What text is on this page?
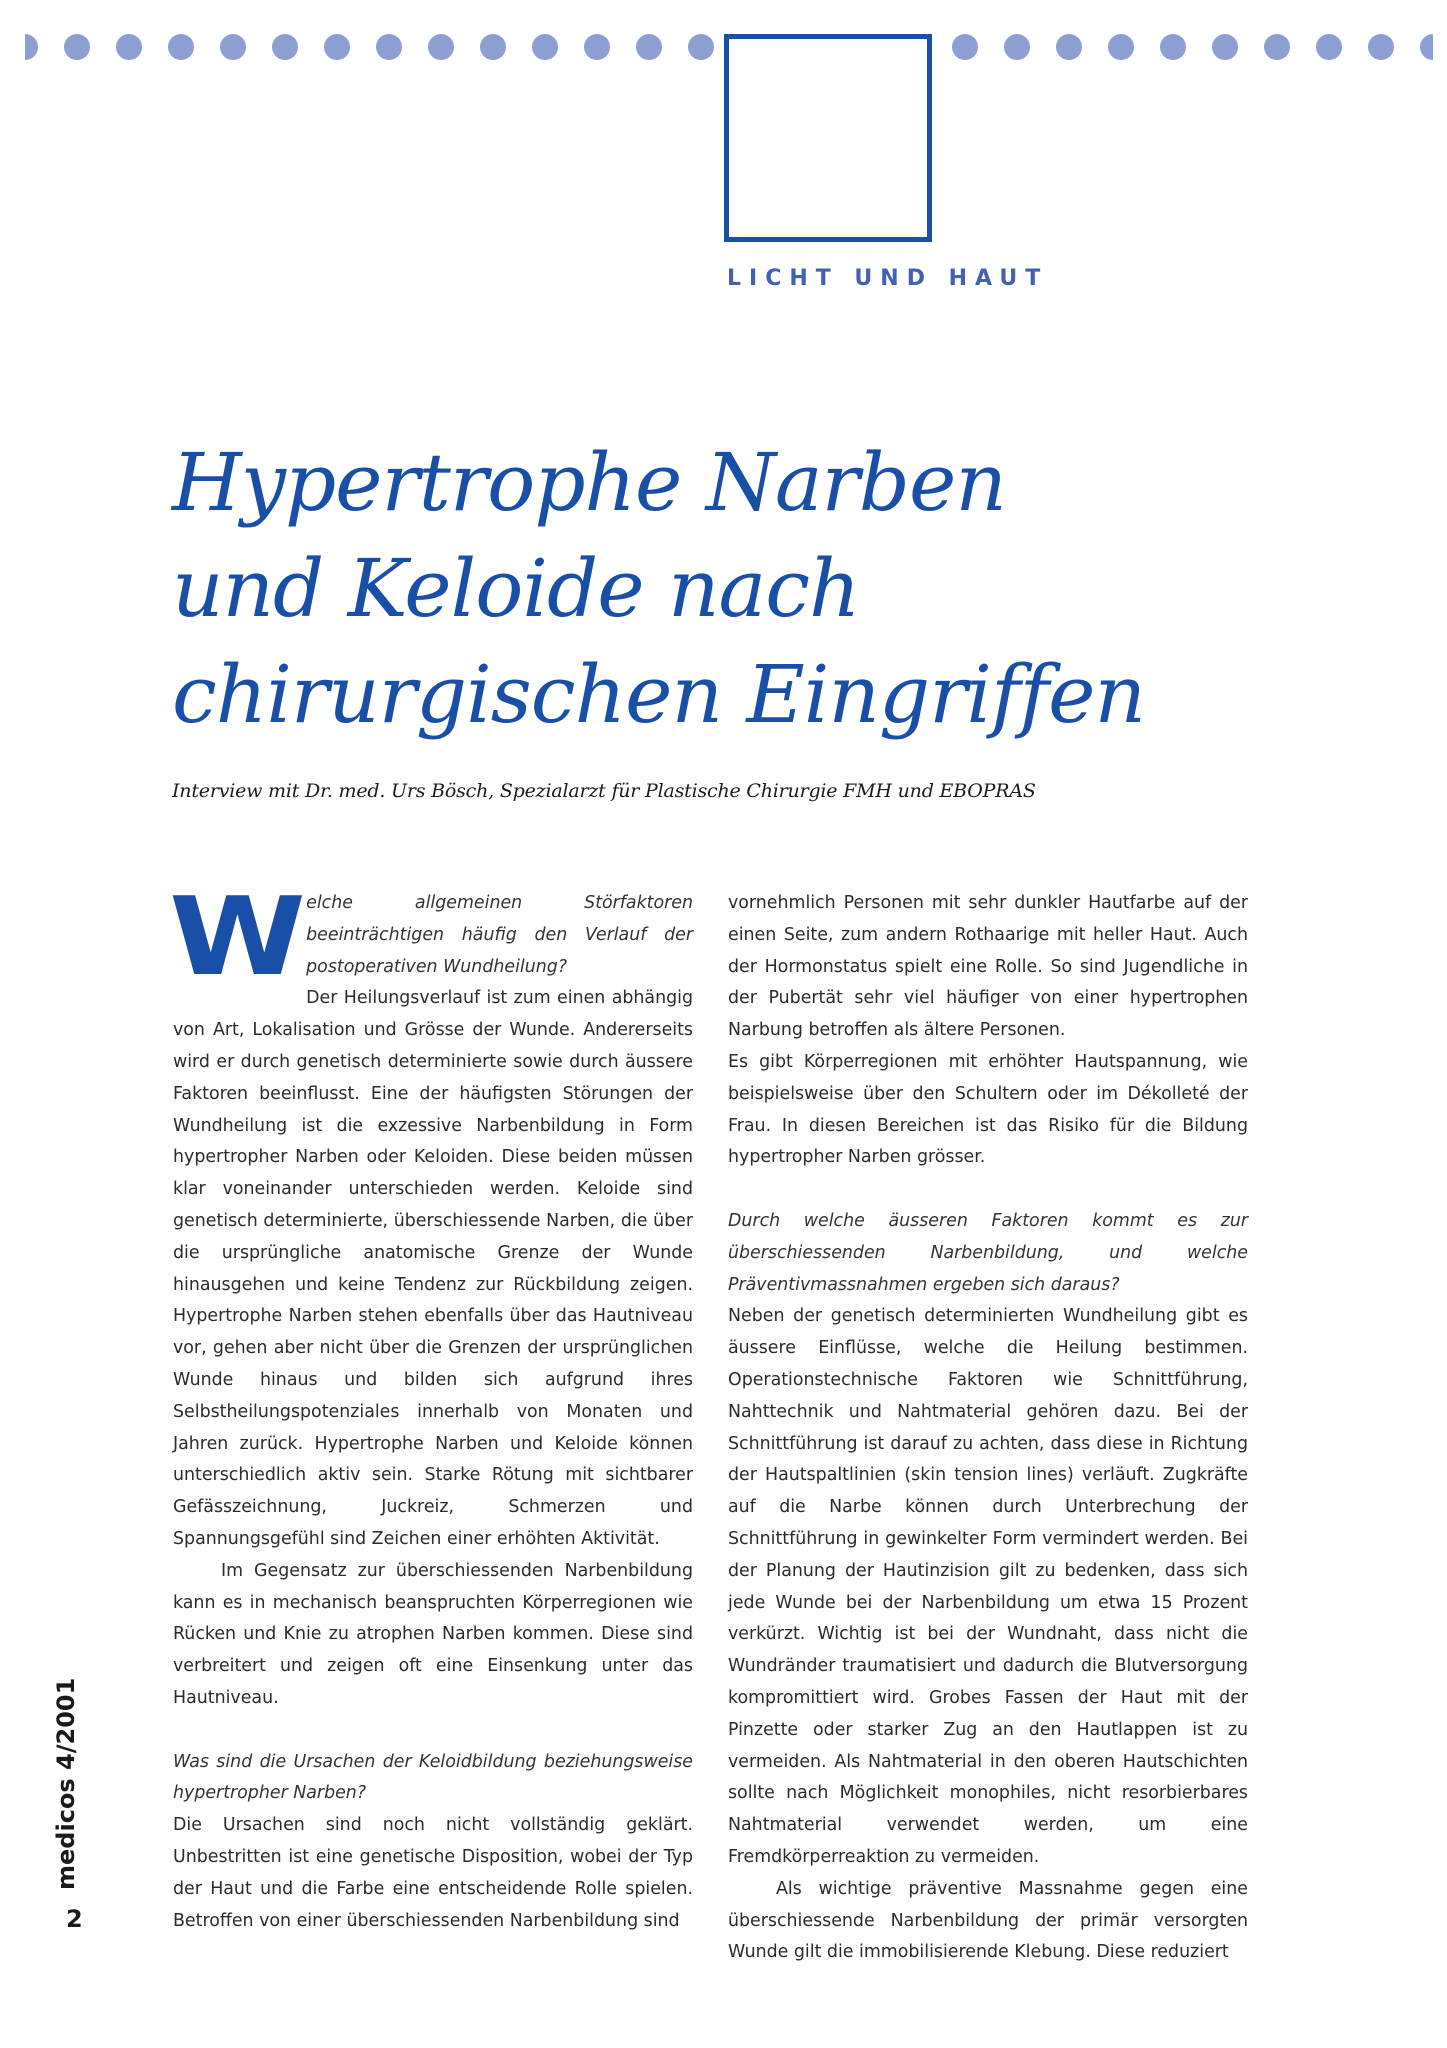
LICHT UND HAUT
Hypertrophe Narben
und Keloide nach
chirurgischen Eingriffen
Interview mit Dr. med. Urs Bösch, Spezialarzt für Plastische Chirurgie FMH und EBOPRAS

W elche allgemeinen Störfaktoren beeinträchtigen häufig den Verlauf der postoperativen Wundheilung?

Der Heilungsverlauf ist zum einen abhängig von Art, Lokalisation und Grösse der Wunde. Andererseits wird er durch genetisch determinierte sowie durch äussere Faktoren beeinflusst. Eine der häufigsten Störungen der Wundheilung ist die exzessive Narbenbildung in Form hypertropher Narben oder Keloiden. Diese beiden müssen klar voneinander unterschieden werden. Keloide sind genetisch determinierte, überschiessende Narben, die über die ursprüngliche anatomische Grenze der Wunde hinausgehen und keine Tendenz zur Rückbildung zeigen. Hypertrophe Narben stehen ebenfalls über das Hautniveau vor, gehen aber nicht über die Grenzen der ursprünglichen Wunde hinaus und bilden sich aufgrund ihres Selbstheilungspotenziales innerhalb von Monaten und Jahren zurück. Hypertrophe Narben und Keloide können unterschiedlich aktiv sein. Starke Rötung mit sichtbarer Gefässzeichnung, Juckreiz, Schmerzen und Spannungsgefühl sind Zeichen einer erhöhten Aktivität.

Im Gegensatz zur überschiessenden Narbenbildung kann es in mechanisch beanspruchten Körperregionen wie Rücken und Knie zu atrophen Narben kommen. Diese sind verbreitert und zeigen oft eine Einsenkung unter das Hautniveau.

Was sind die Ursachen der Keloidbildung beziehungsweise hypertropher Narben?

Die Ursachen sind noch nicht vollständig geklärt. Unbestritten ist eine genetische Disposition, wobei der Typ der Haut und die Farbe eine entscheidende Rolle spielen. Betroffen von einer überschiessenden Narbenbildung sind

vornehmlich Personen mit sehr dunkler Hautfarbe auf der einen Seite, zum andern Rothaarige mit heller Haut. Auch der Hormonstatus spielt eine Rolle. So sind Jugendliche in der Pubertät sehr viel häufiger von einer hypertrophen Narbung betroffen als ältere Personen.

Es gibt Körperregionen mit erhöhter Hautspannung, wie beispielsweise über den Schultern oder im Dékolleté der Frau. In diesen Bereichen ist das Risiko für die Bildung hypertropher Narben grösser.

Durch welche äusseren Faktoren kommt es zur überschiessenden Narbenbildung, und welche Präventivmassnahmen ergeben sich daraus?

Neben der genetisch determinierten Wundheilung gibt es äussere Einflüsse, welche die Heilung bestimmen. Operationstechnische Faktoren wie Schnittführung, Nahttechnik und Nahtmaterial gehören dazu. Bei der Schnittführung ist darauf zu achten, dass diese in Richtung der Hautspaltlinien (skin tension lines) verläuft. Zugkräfte auf die Narbe können durch Unterbrechung der Schnittführung in gewinkelter Form vermindert werden. Bei der Planung der Hautinzision gilt zu bedenken, dass sich jede Wunde bei der Narbenbildung um etwa 15 Prozent verkürzt. Wichtig ist bei der Wundnaht, dass nicht die Wundränder traumatisiert und dadurch die Blutversorgung kompromittiert wird. Grobes Fassen der Haut mit der Pinzette oder starker Zug an den Hautlappen ist zu vermeiden. Als Nahtmaterial in den oberen Hautschichten sollte nach Möglichkeit monophiles, nicht resorbierbares Nahtmaterial verwendet werden, um eine Fremdkörperreaktion zu vermeiden.

Als wichtige präventive Massnahme gegen eine überschiessende Narbenbildung der primär versorgten Wunde gilt die immobilisierende Klebung. Diese reduziert

medicos 4/2001
2
